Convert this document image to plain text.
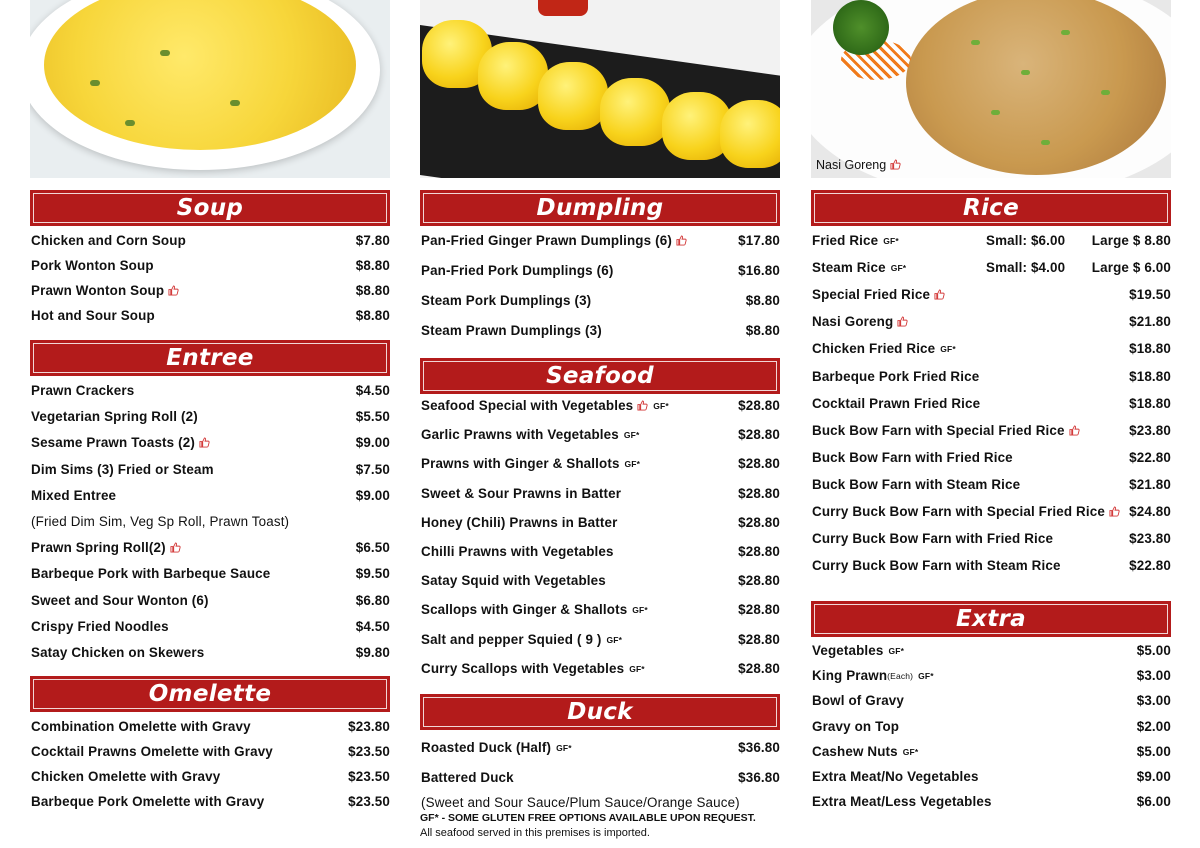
Soup
Chicken and Corn Soup	$7.80
Pork Wonton Soup	$8.80
Prawn Wonton Soup	$8.80
Hot and Sour Soup	$8.80
Entree
Prawn Crackers	$4.50
Vegetarian Spring Roll (2)	$5.50
Sesame Prawn Toasts (2)	$9.00
Dim Sims (3) Fried or Steam	$7.50
Mixed Entree	$9.00
(Fried Dim Sim, Veg Sp Roll, Prawn Toast)
Prawn Spring Roll(2)	$6.50
Barbeque Pork with Barbeque Sauce	$9.50
Sweet and Sour Wonton (6)	$6.80
Crispy Fried Noodles	$4.50
Satay Chicken on Skewers	$9.80
Omelette
Combination Omelette with Gravy	$23.80
Cocktail Prawns Omelette with Gravy	$23.50
Chicken Omelette with Gravy	$23.50
Barbeque Pork Omelette with Gravy	$23.50
Dumpling
Pan-Fried Ginger Prawn Dumplings (6)	$17.80
Pan-Fried Pork Dumplings (6)	$16.80
Steam Pork Dumplings (3)	$8.80
Steam Prawn Dumplings (3)	$8.80
Seafood
Seafood Special with Vegetables GF*	$28.80
Garlic Prawns with Vegetables GF*	$28.80
Prawns with Ginger & Shallots GF*	$28.80
Sweet & Sour Prawns in Batter	$28.80
Honey (Chili) Prawns in Batter	$28.80
Chilli Prawns with Vegetables	$28.80
Satay Squid with Vegetables	$28.80
Scallops with Ginger & Shallots GF*	$28.80
Salt and pepper Squied ( 9 ) GF*	$28.80
Curry Scallops with Vegetables GF*	$28.80
Duck
Roasted Duck (Half) GF*	$36.80
Battered Duck	$36.80
(Sweet and Sour Sauce/Plum Sauce/Orange Sauce)
GF* - SOME GLUTEN FREE OPTIONS AVAILABLE UPON REQUEST.
All seafood served in this premises is imported.
Nasi Goreng
Rice
Fried Rice GF*	Small: $6.00 Large $ 8.80
Steam Rice GF*	Small: $4.00 Large $ 6.00
Special Fried Rice	$19.50
Nasi Goreng	$21.80
Chicken Fried Rice GF*	$18.80
Barbeque Pork Fried Rice	$18.80
Cocktail Prawn Fried Rice	$18.80
Buck Bow Farn with Special Fried Rice	$23.80
Buck Bow Farn with Fried Rice	$22.80
Buck Bow Farn with Steam Rice	$21.80
Curry Buck Bow Farn with Special Fried Rice	$24.80
Curry Buck Bow Farn with Fried Rice	$23.80
Curry Buck Bow Farn with Steam Rice	$22.80
Extra
Vegetables GF*	$5.00
King Prawn(Each) GF*	$3.00
Bowl of Gravy	$3.00
Gravy on Top	$2.00
Cashew Nuts GF*	$5.00
Extra Meat/No Vegetables	$9.00
Extra Meat/Less Vegetables	$6.00
